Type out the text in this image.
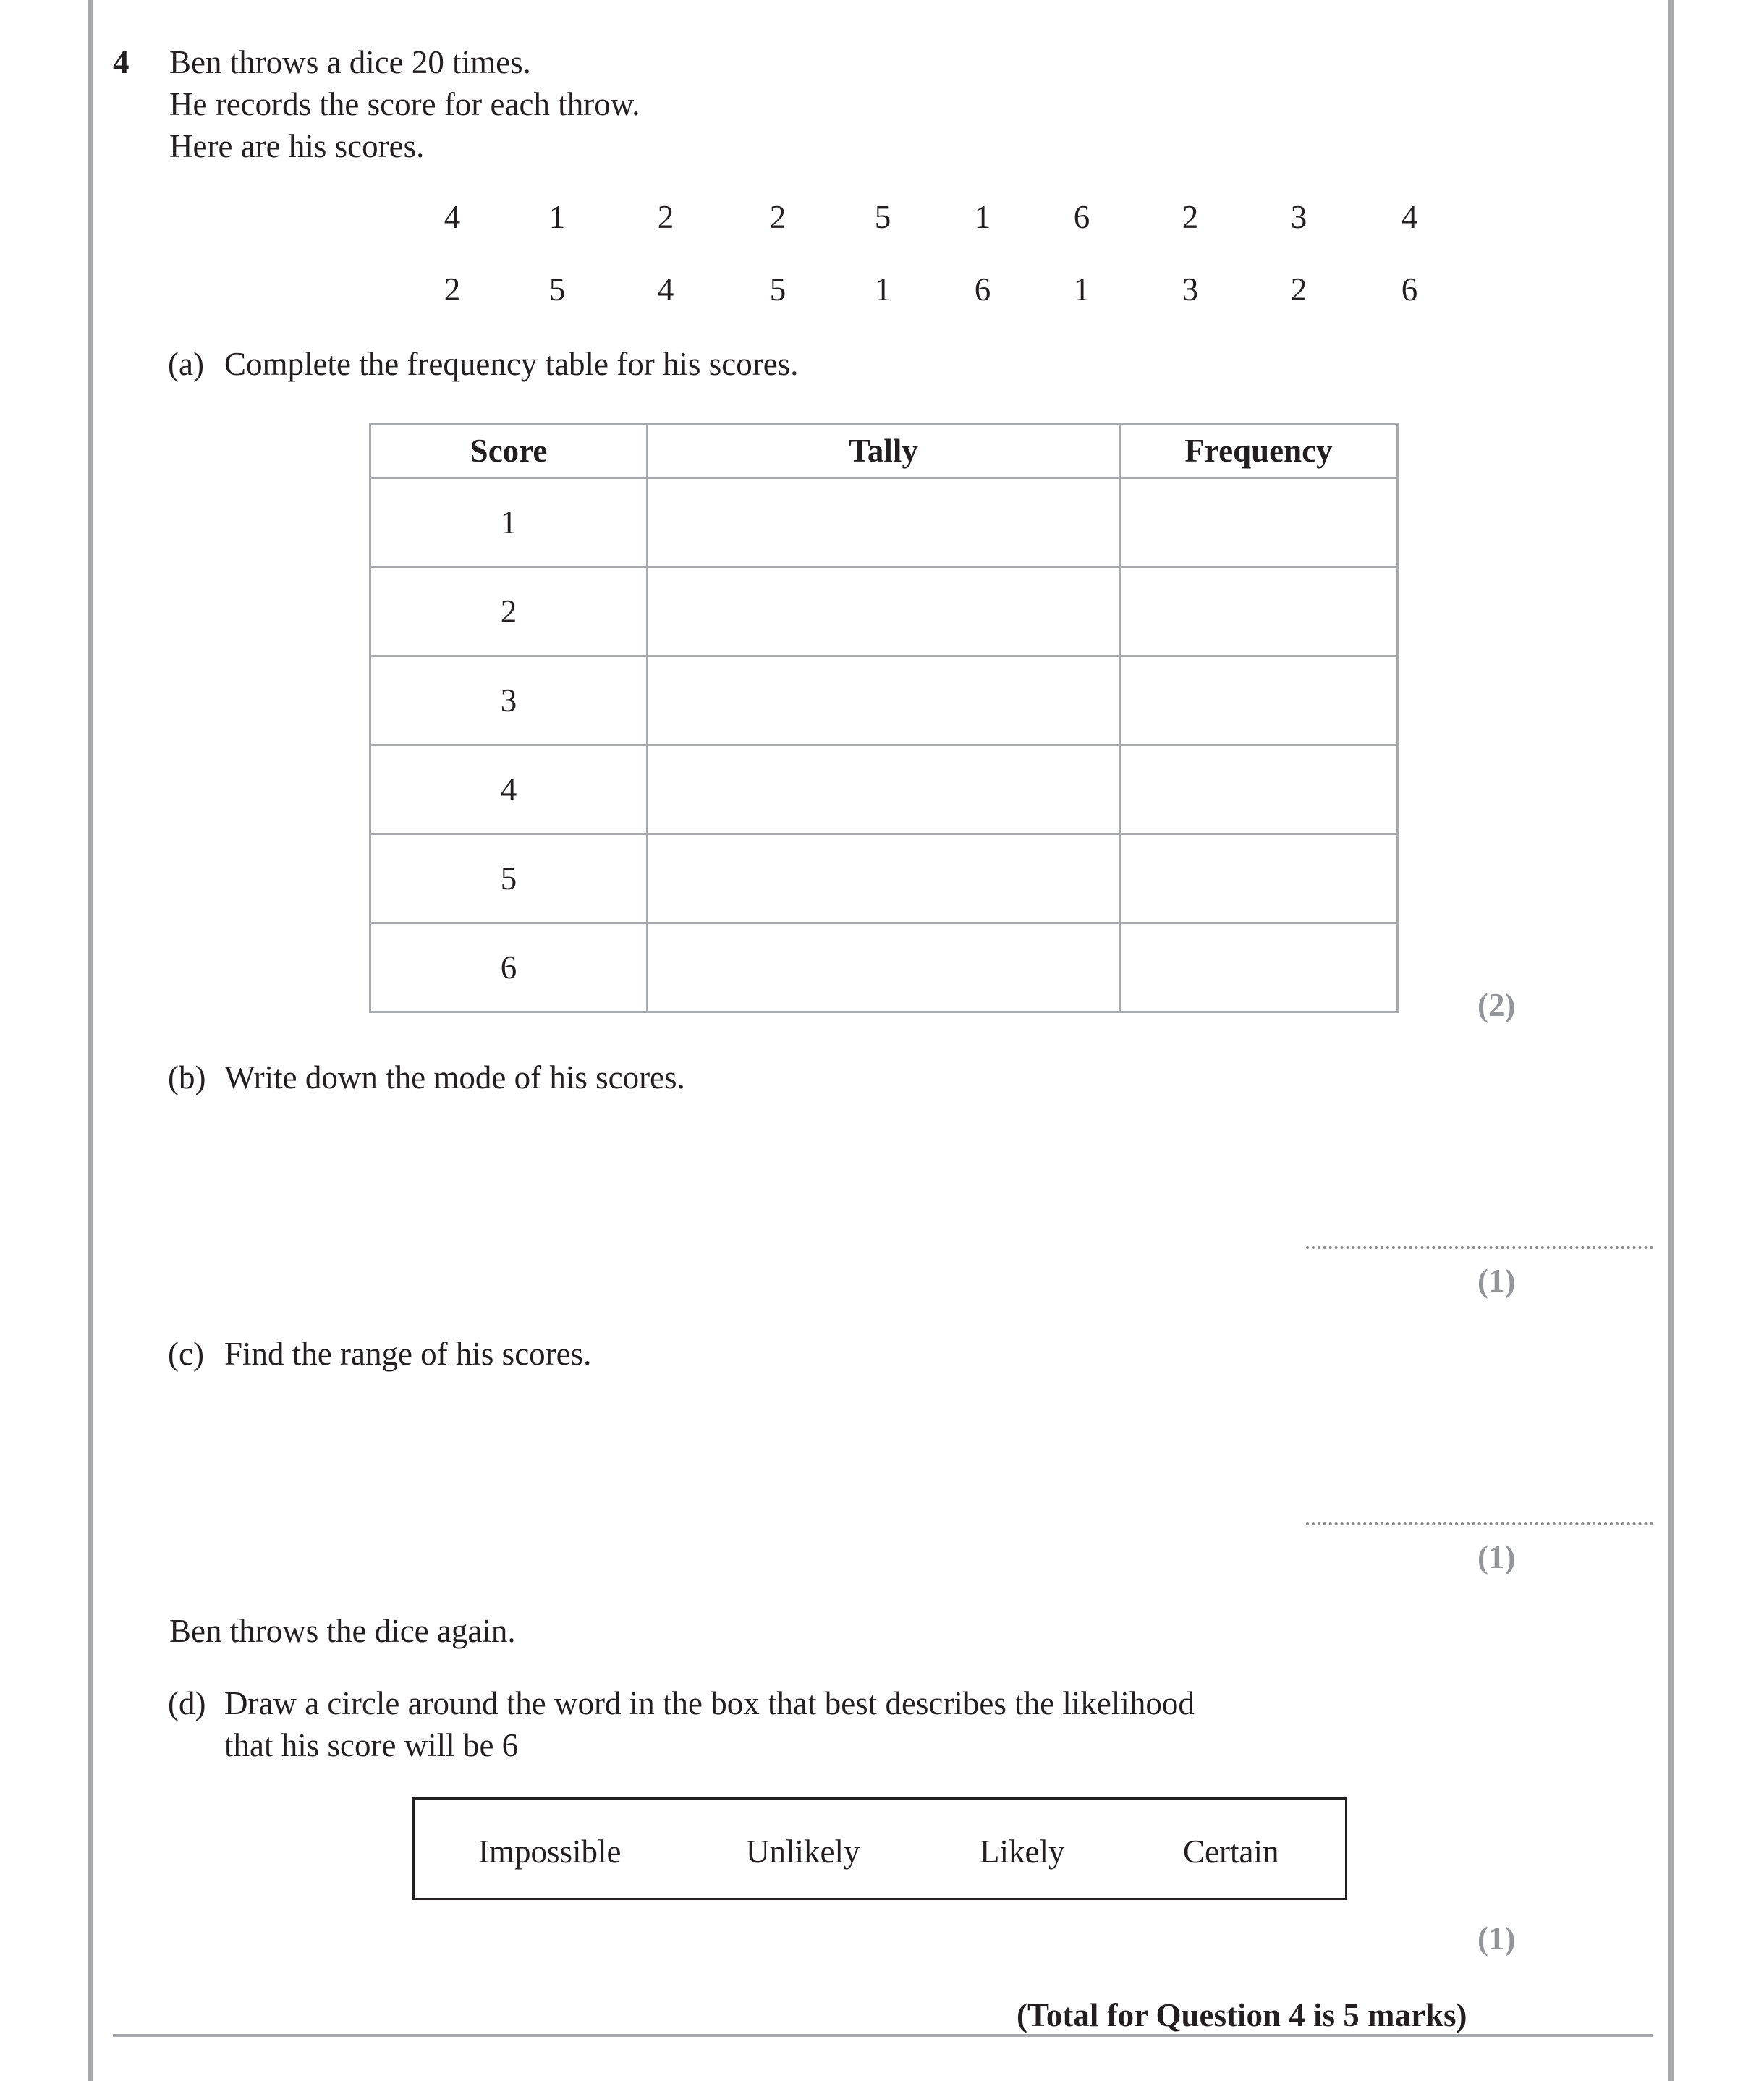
4 Ben throws a dice 20 times.
He records the score for each throw.
Here are his scores.
4	1	2	2	5	1	6	2	3	4
2	5	4	5	1	6	1	3	2	6
(a) Complete the frequency table for his scores.
Score	Tally	Frequency
1		
2		
3		
4		
5		
6		
(2)
(b) Write down the mode of his scores.
(1)
(c) Find the range of his scores.
(1)
Ben throws the dice again.
(d) Draw a circle around the word in the box that best describes the likelihood
that his score will be 6
Impossible	Unlikely	Likely	Certain
(1)
(Total for Question 4 is 5 marks)
